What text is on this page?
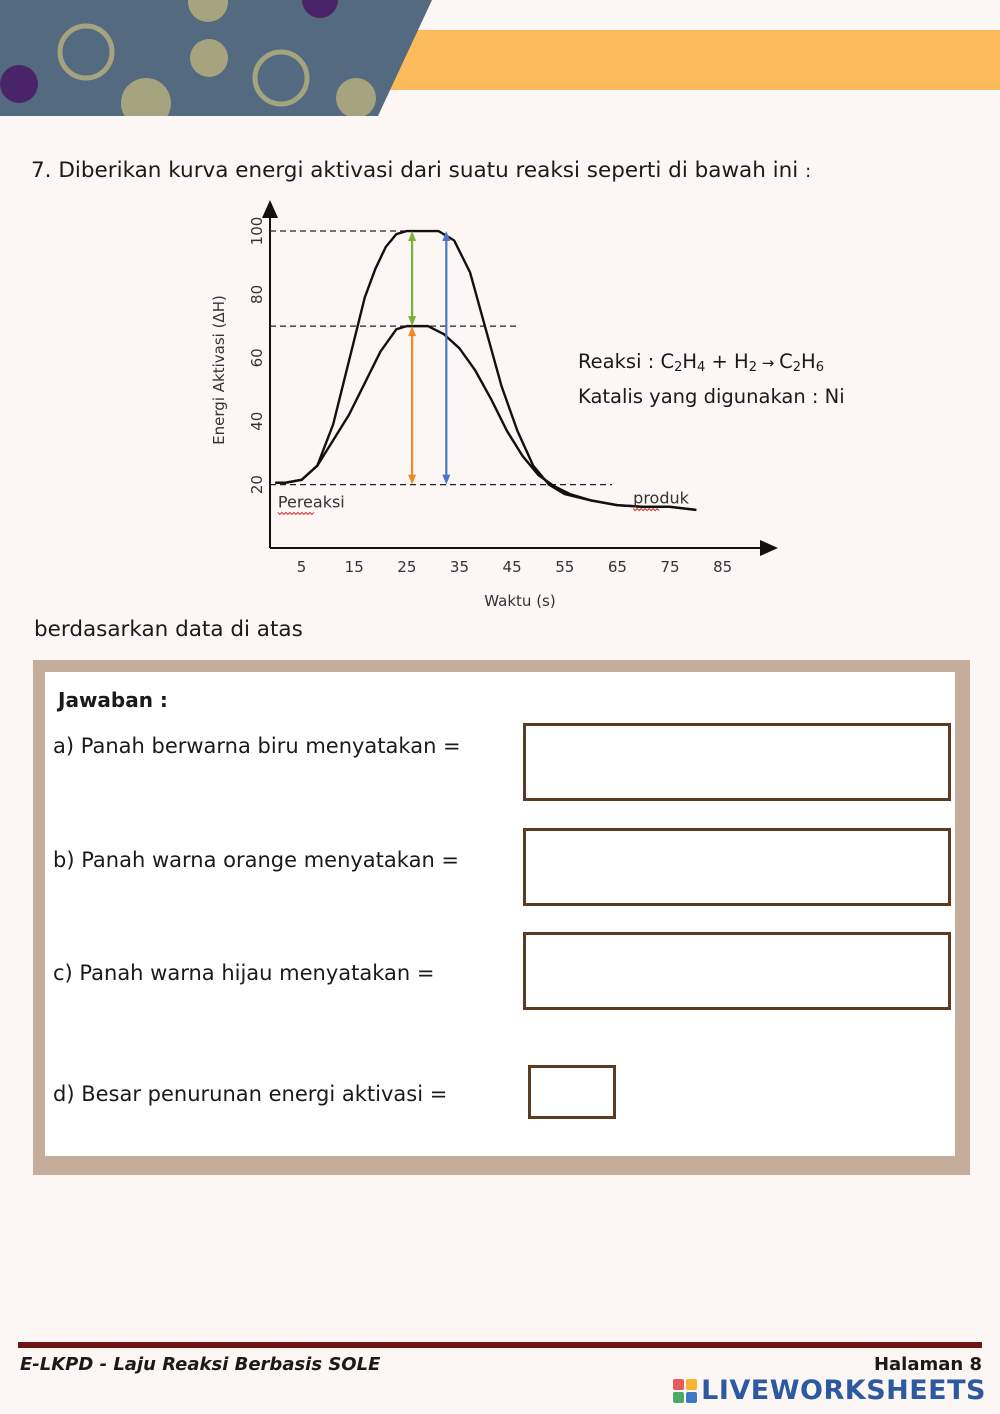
7. Diberikan kurva energi aktivasi dari suatu reaksi seperti di bawah ini :
20
40
60
80
100
5	15 25 35 45 55 65 75 85
Waktu (s)
Energi Aktivasi (ΔH)
Pereaksi	produk
Reaksi : C2H4 + H2 → C2H6
Katalis yang digunakan : Ni
berdasarkan data di atas
Jawaban :
a) Panah berwarna biru menyatakan =
b) Panah warna orange menyatakan =
c) Panah warna hijau menyatakan =
d) Besar penurunan energi aktivasi =
E-LKPD - Laju Reaksi Berbasis SOLE	Halaman 8
LIVEWORKSHEETS
